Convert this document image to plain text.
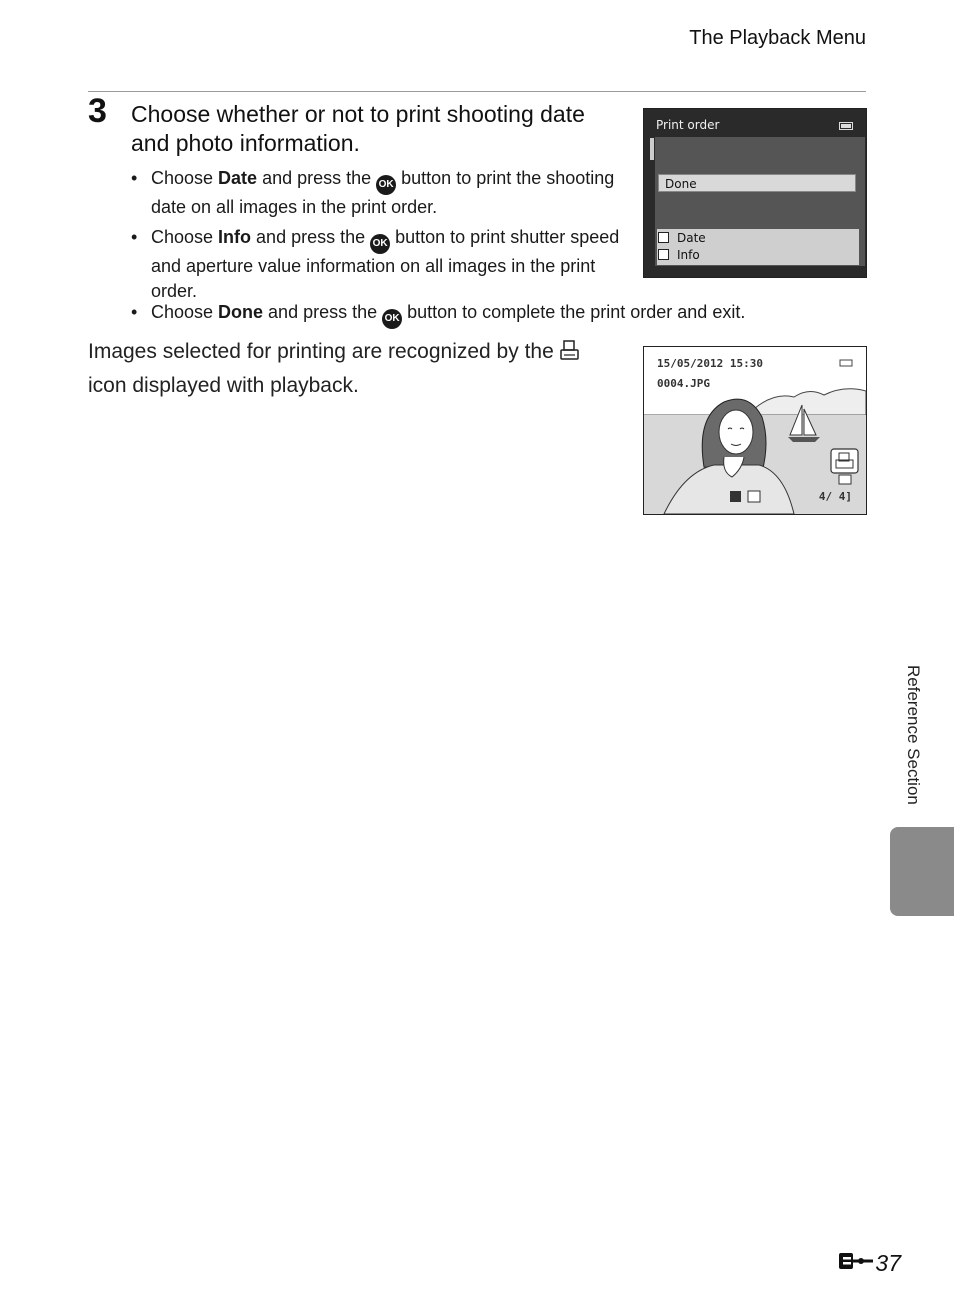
The Playback Menu
3 Choose whether or not to print shooting date and photo information.
• Choose Date and press the OK button to print the shooting date on all images in the print order.
• Choose Info and press the OK button to print shutter speed and aperture value information on all images in the print order.
• Choose Done and press the OK button to complete the print order and exit.
Images selected for printing are recognized by the  icon displayed with playback.
Print order
Done
Date
Info
15/05/2012 15:30
0004.JPG
4/ 4]
Reference Section
37
